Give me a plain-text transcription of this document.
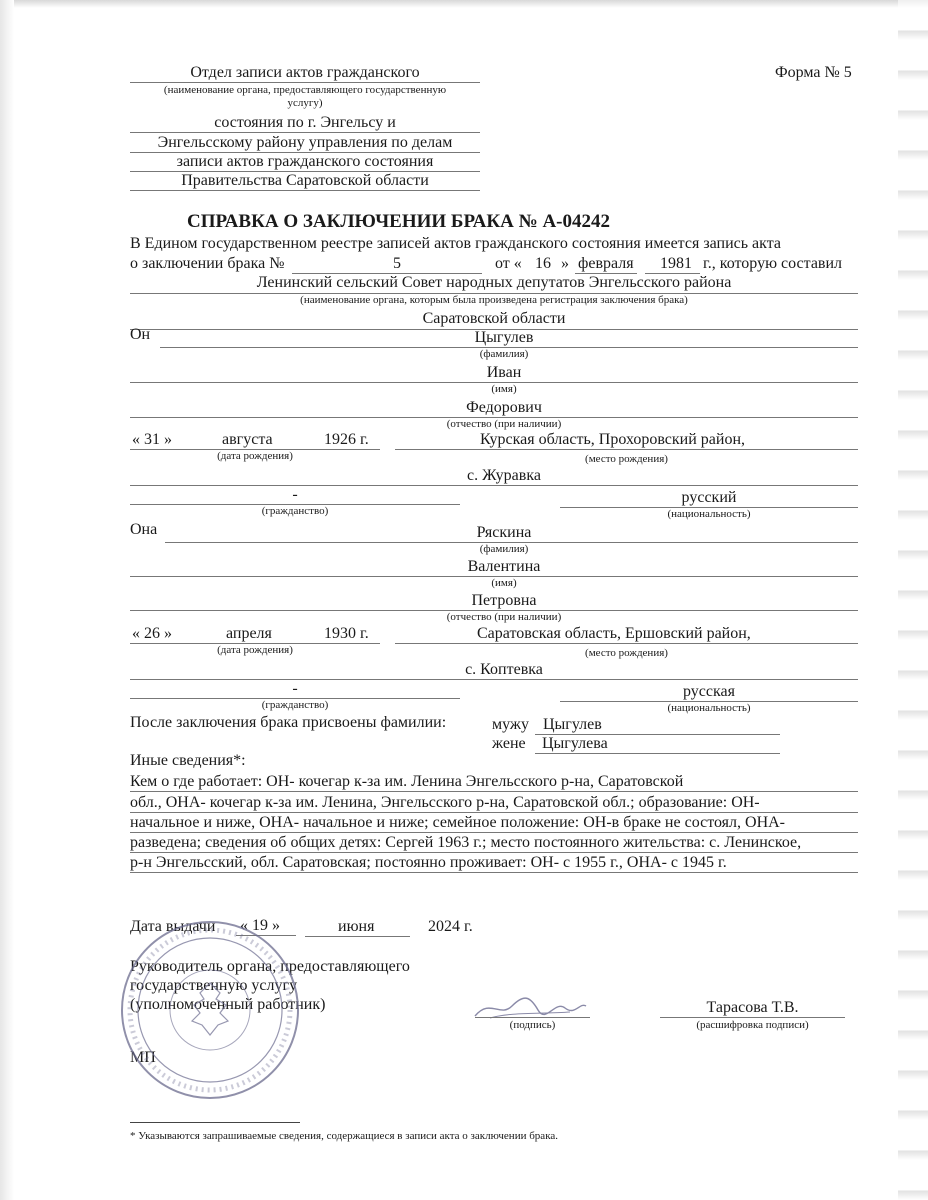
Отдел записи актов гражданского
(наименование органа, предоставляющего государственную
услугу)
состояния по г. Энгельсу и
Энгельсскому району управления по делам
записи актов гражданского состояния
Правительства Саратовской области
Форма № 5
СПРАВКА О ЗАКЛЮЧЕНИИ БРАКА № А-04242
В Едином государственном реестре записей актов гражданского состояния имеется запись акта
о заключении брака №	5	от « 16 » февраля 1981 г., которую составил
Ленинский сельский Совет народных депутатов Энгельсского района
(наименование органа, которым была произведена регистрация заключения брака)
Саратовской области
Он	Цыгулев
(фамилия)
Иван
(имя)
Федорович
(отчество (при наличии)
« 31 »	августа	1926 г.
(дата рождения)
Курская область, Прохоровский район,
(место рождения)
с. Журавка
-
(гражданство)
русский
(национальность)
Она	Ряскина
(фамилия)
Валентина
(имя)
Петровна
(отчество (при наличии)
« 26 »	апреля	1930 г.
(дата рождения)
Саратовская область, Ершовский район,
(место рождения)
с. Коптевка
-
(гражданство)
русская
(национальность)
После заключения брака присвоены фамилии:	мужу Цыгулев
жене Цыгулева
Иные сведения*:
Кем о где работает: ОН- кочегар к-за им. Ленина Энгельсского р-на, Саратовской
обл., ОНА- кочегар к-за им. Ленина, Энгельсского р-на, Саратовской обл.; образование: ОН-
начальное и ниже, ОНА- начальное и ниже; семейное положение: ОН-в браке не состоял, ОНА-
разведена; сведения об общих детях: Сергей 1963 г.; место постоянного жительства: с. Ленинское,
р-н Энгельсский, обл. Саратовская; постоянно проживает: ОН- с 1955 г., ОНА- с 1945 г.
Дата выдачи « 19 »	июня	2024 г.
Руководитель органа, предоставляющего
государственную услугу
(уполномоченный работник)
(подпись)
Тарасова Т.В.
(расшифровка подписи)
МП
* Указываются запрашиваемые сведения, содержащиеся в записи акта о заключении брака.
